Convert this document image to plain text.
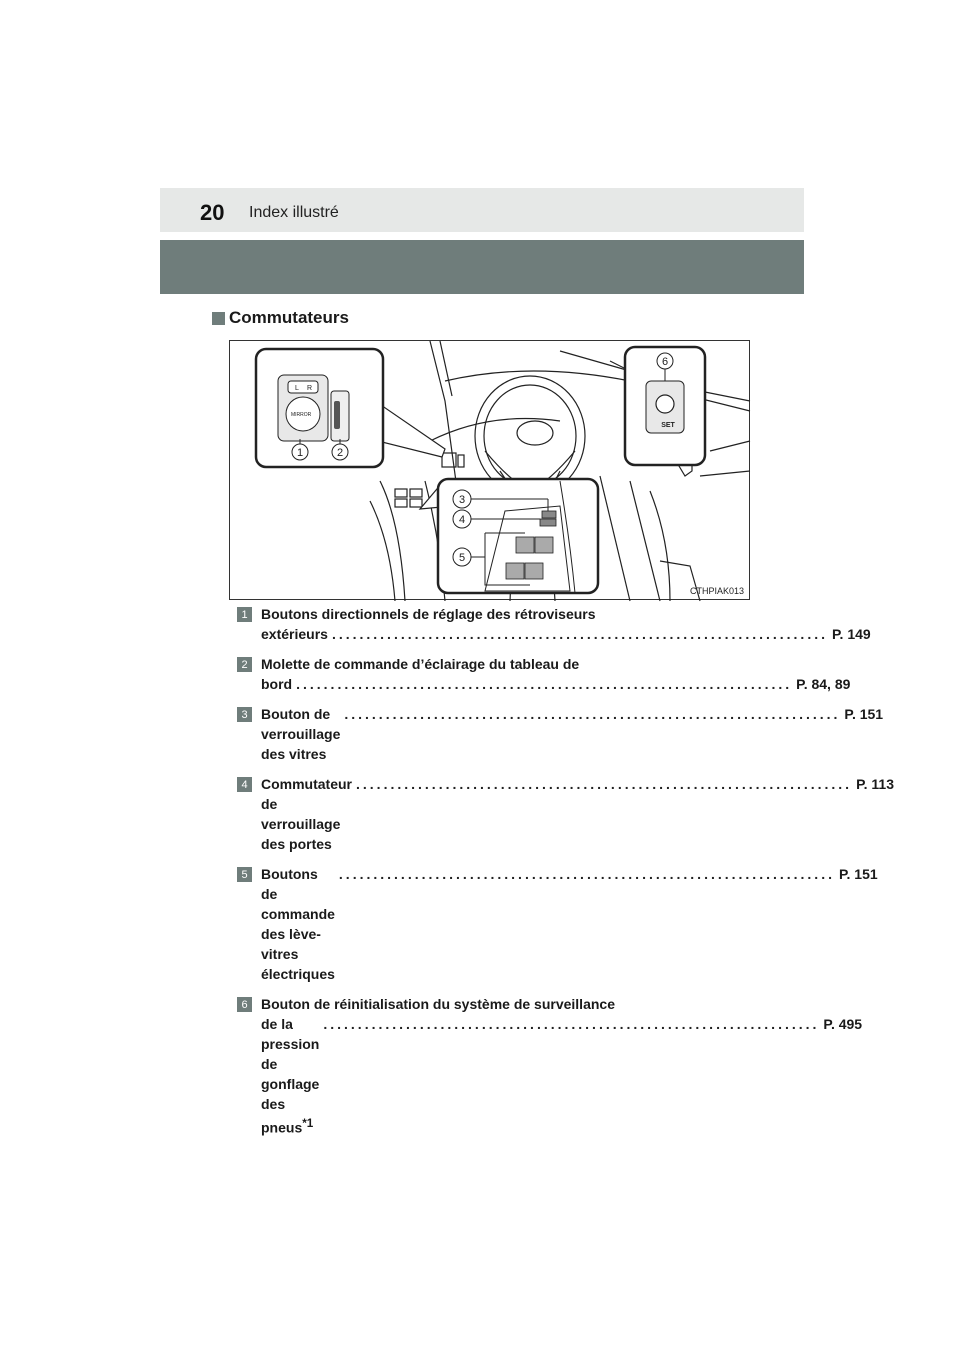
20 Index illustré
Commutateurs
L R
MIRROR
1	2
6
SET
3
4
5
CTHPIAK013
1 Boutons directionnels de réglage des rétroviseurs
extérieurs ........................................................................ P. 149
2 Molette de commande d’éclairage du tableau de
bord ........................................................................ P. 84, 89
3 Bouton de verrouillage des vitres
........................................................................ P. 151
4 Commutateur de verrouillage des portes
........................................................................ P. 113
5 Boutons de commande des lève-vitres électriques
........................................................................ P. 151
6 Bouton de réinitialisation du système de surveillance
de la pression de gonflage des pneus$^{*1}$
........................................................................ P. 495
